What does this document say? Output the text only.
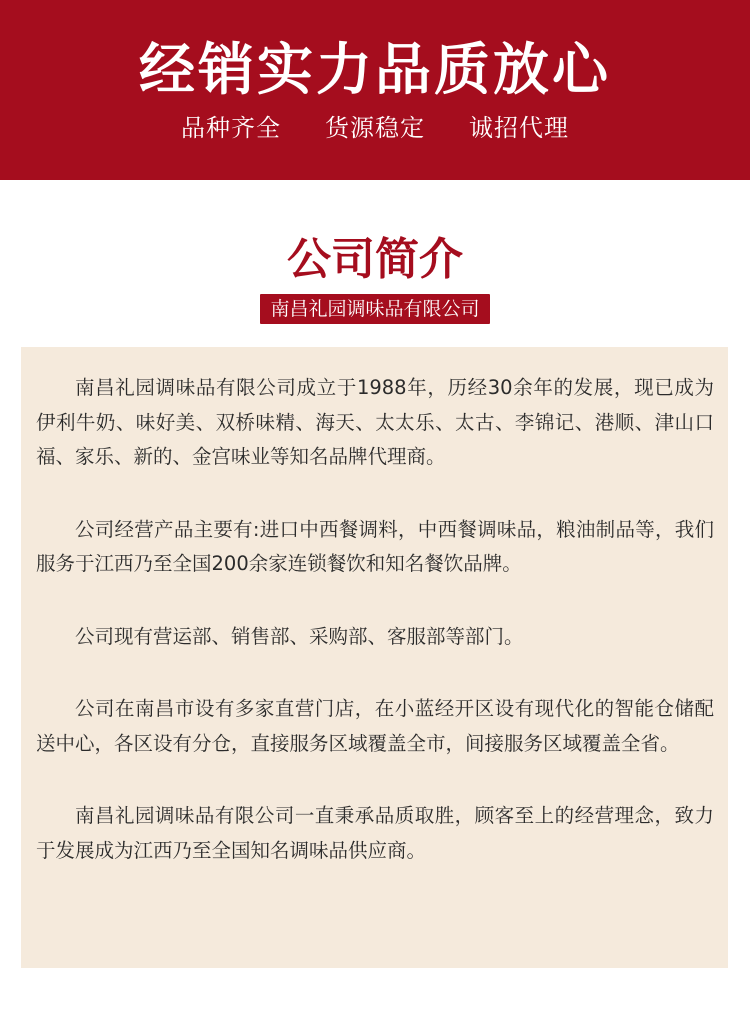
经销实力品质放心
品种齐全 货源稳定 诚招代理
公司简介
南昌礼园调味品有限公司

南昌礼园调味品有限公司成立于1988年，历经30余年的发展，现已成为伊利牛奶、味好美、双桥味精、海天、太太乐、太古、李锦记、港顺、津山口福、家乐、新的、金宫味业等知名品牌代理商。

公司经营产品主要有:进口中西餐调料，中西餐调味品，粮油制品等，我们服务于江西乃至全国200余家连锁餐饮和知名餐饮品牌。

公司现有营运部、销售部、采购部、客服部等部门。

公司在南昌市设有多家直营门店，在小蓝经开区设有现代化的智能仓储配送中心，各区设有分仓，直接服务区域覆盖全市，间接服务区域覆盖全省。

南昌礼园调味品有限公司一直秉承品质取胜，顾客至上的经营理念，致力于发展成为江西乃至全国知名调味品供应商。
